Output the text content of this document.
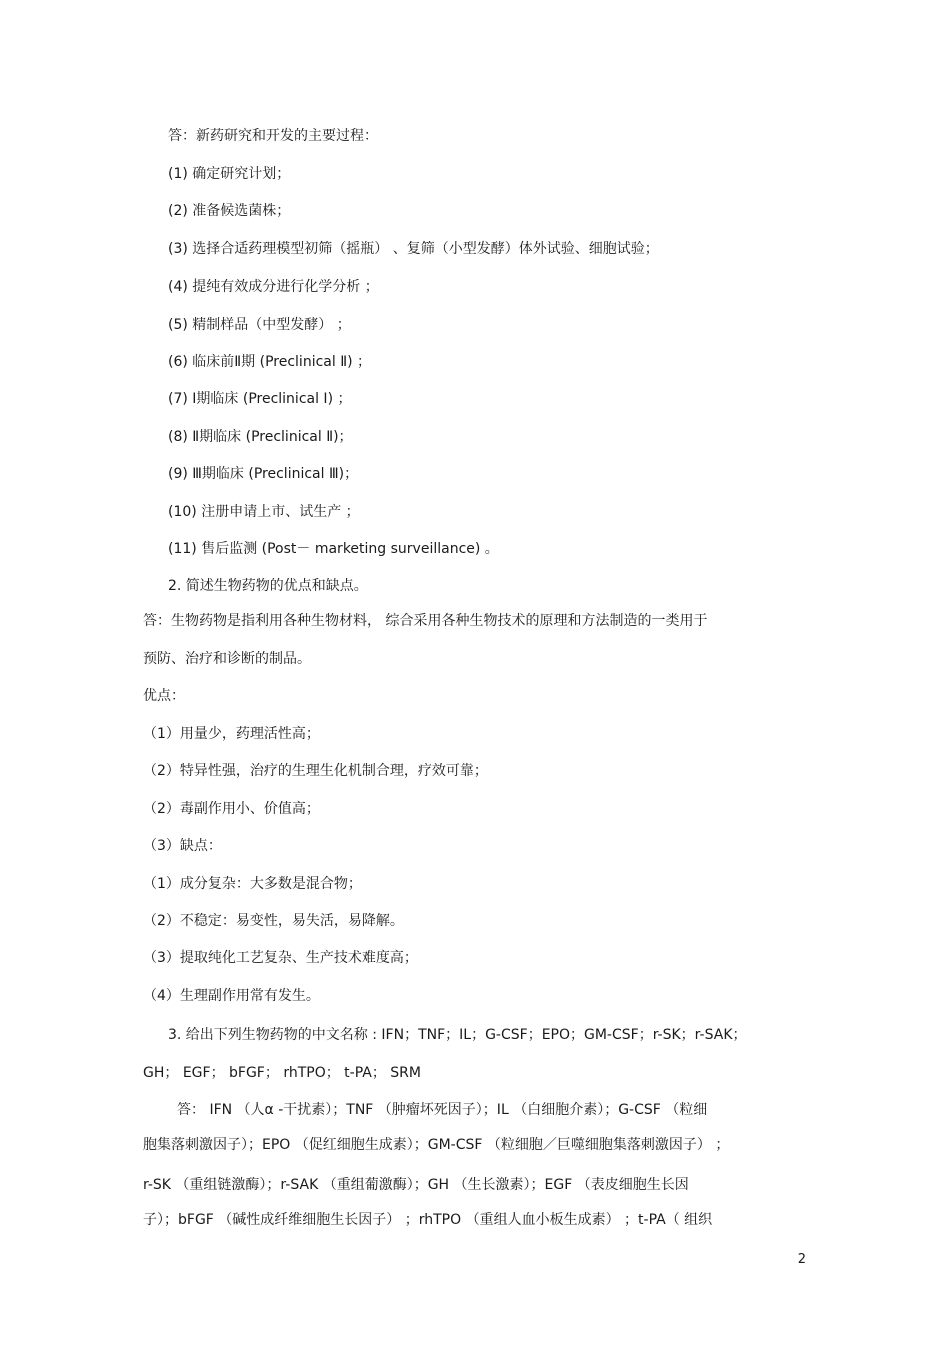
答：新药研究和开发的主要过程：
(1) 确定研究计划；
(2) 准备候选菌株；
(3) 选择合适药理模型初筛（摇瓶） 、复筛（小型发酵）体外试验、细胞试验；
(4) 提纯有效成分进行化学分析 ；
(5) 精制样品（中型发酵） ；
(6) 临床前Ⅱ期 (Preclinical Ⅱ) ；
(7) Ⅰ期临床 (Preclinical I) ；
(8) Ⅱ期临床 (Preclinical Ⅱ)；
(9) Ⅲ期临床 (Preclinical Ⅲ)；
(10) 注册申请上市、试生产 ；
(11) 售后监测 (Post－ marketing surveillance) 。
2. 简述生物药物的优点和缺点。
答：生物药物是指利用各种生物材料， 综合采用各种生物技术的原理和方法制造的一类用于
预防、治疗和诊断的制品。
优点：
（1）用量少，药理活性高；
（2）特异性强，治疗的生理生化机制合理，疗效可靠；
（2）毒副作用小、价值高；
（3）缺点：
（1）成分复杂：大多数是混合物；
（2）不稳定：易变性，易失活，易降解。
（3）提取纯化工艺复杂、生产技术难度高；
（4）生理副作用常有发生。
3. 给出下列生物药物的中文名称 : IFN；TNF；IL；G-CSF；EPO；GM-CSF；r-SK；r-SAK；
GH； EGF； bFGF； rhTPO； t-PA； SRM
答： IFN （人α -干扰素）；TNF （肿瘤坏死因子）；IL （白细胞介素）；G-CSF （粒细
胞集落刺激因子）；EPO （促红细胞生成素）；GM-CSF （粒细胞／巨噬细胞集落刺激因子） ；
r-SK （重组链激酶）；r-SAK （重组葡激酶）；GH （生长激素）；EGF （表皮细胞生长因
子）；bFGF （碱性成纤维细胞生长因子） ；rhTPO （重组人血小板生成素） ；t-PA（ 组织
2
